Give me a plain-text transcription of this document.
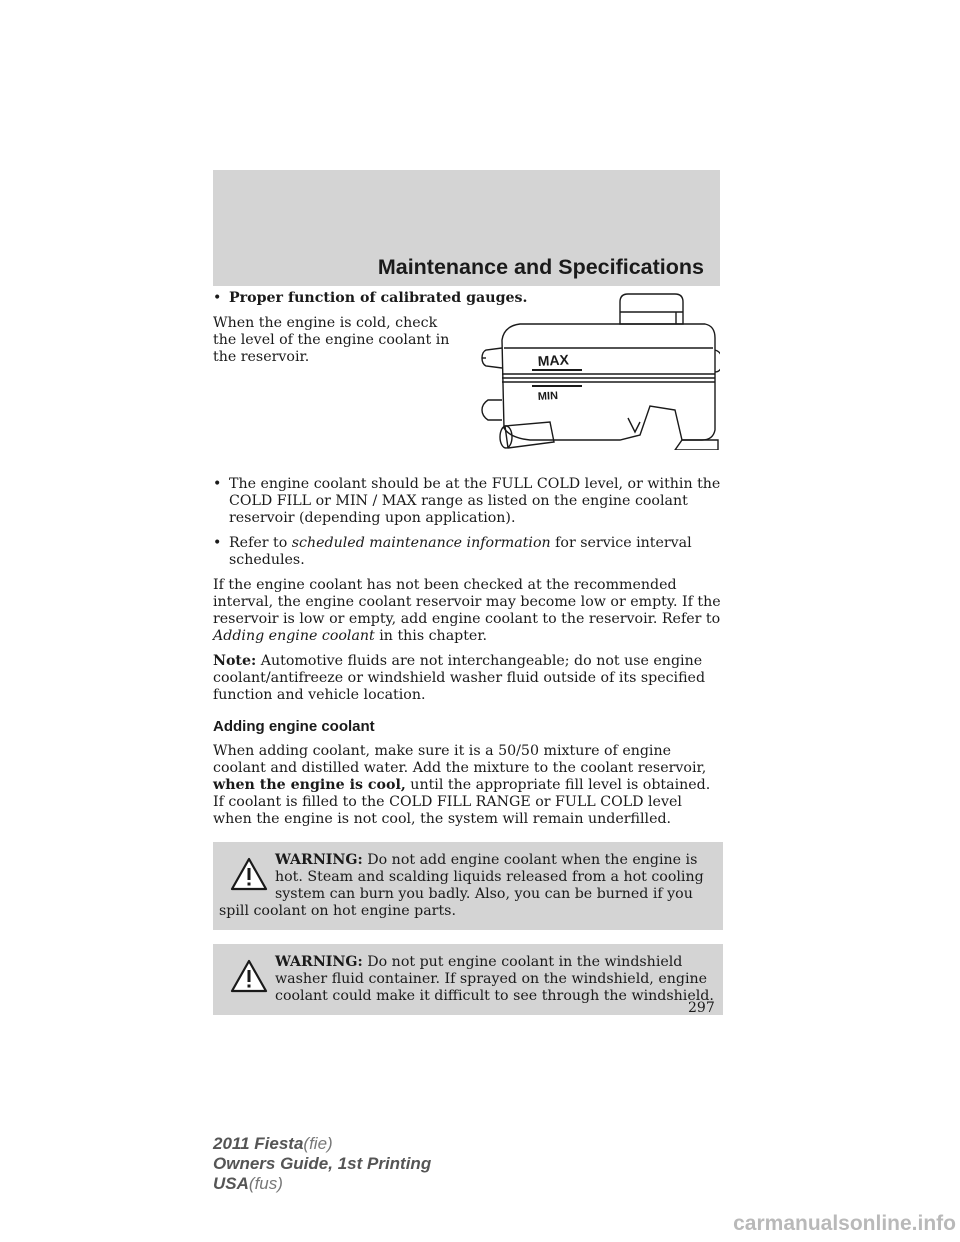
Maintenance and Specifications
MAX
MIN
• Proper function of calibrated gauges.

When the engine is cold, check the level of the engine coolant in the reservoir.

• The engine coolant should be at the FULL COLD level, or within the COLD FILL or MIN / MAX range as listed on the engine coolant reservoir (depending upon application).
• Refer to scheduled maintenance information for service interval schedules.

If the engine coolant has not been checked at the recommended interval, the engine coolant reservoir may become low or empty. If the reservoir is low or empty, add engine coolant to the reservoir. Refer to Adding engine coolant in this chapter.

Note: Automotive fluids are not interchangeable; do not use engine coolant/antifreeze or windshield washer fluid outside of its specified function and vehicle location.

Adding engine coolant

When adding coolant, make sure it is a 50/50 mixture of engine coolant and distilled water. Add the mixture to the coolant reservoir, when the engine is cool, until the appropriate fill level is obtained. If coolant is filled to the COLD FILL RANGE or FULL COLD level when the engine is not cool, the system will remain underfilled.

WARNING: Do not add engine coolant when the engine is hot. Steam and scalding liquids released from a hot cooling system can burn you badly. Also, you can be burned if you spill coolant on hot engine parts.
WARNING: Do not put engine coolant in the windshield washer fluid container. If sprayed on the windshield, engine coolant could make it difficult to see through the windshield.
297
2011 Fiesta(fie)
Owners Guide, 1st Printing
USA(fus)
carmanualsonline.info
